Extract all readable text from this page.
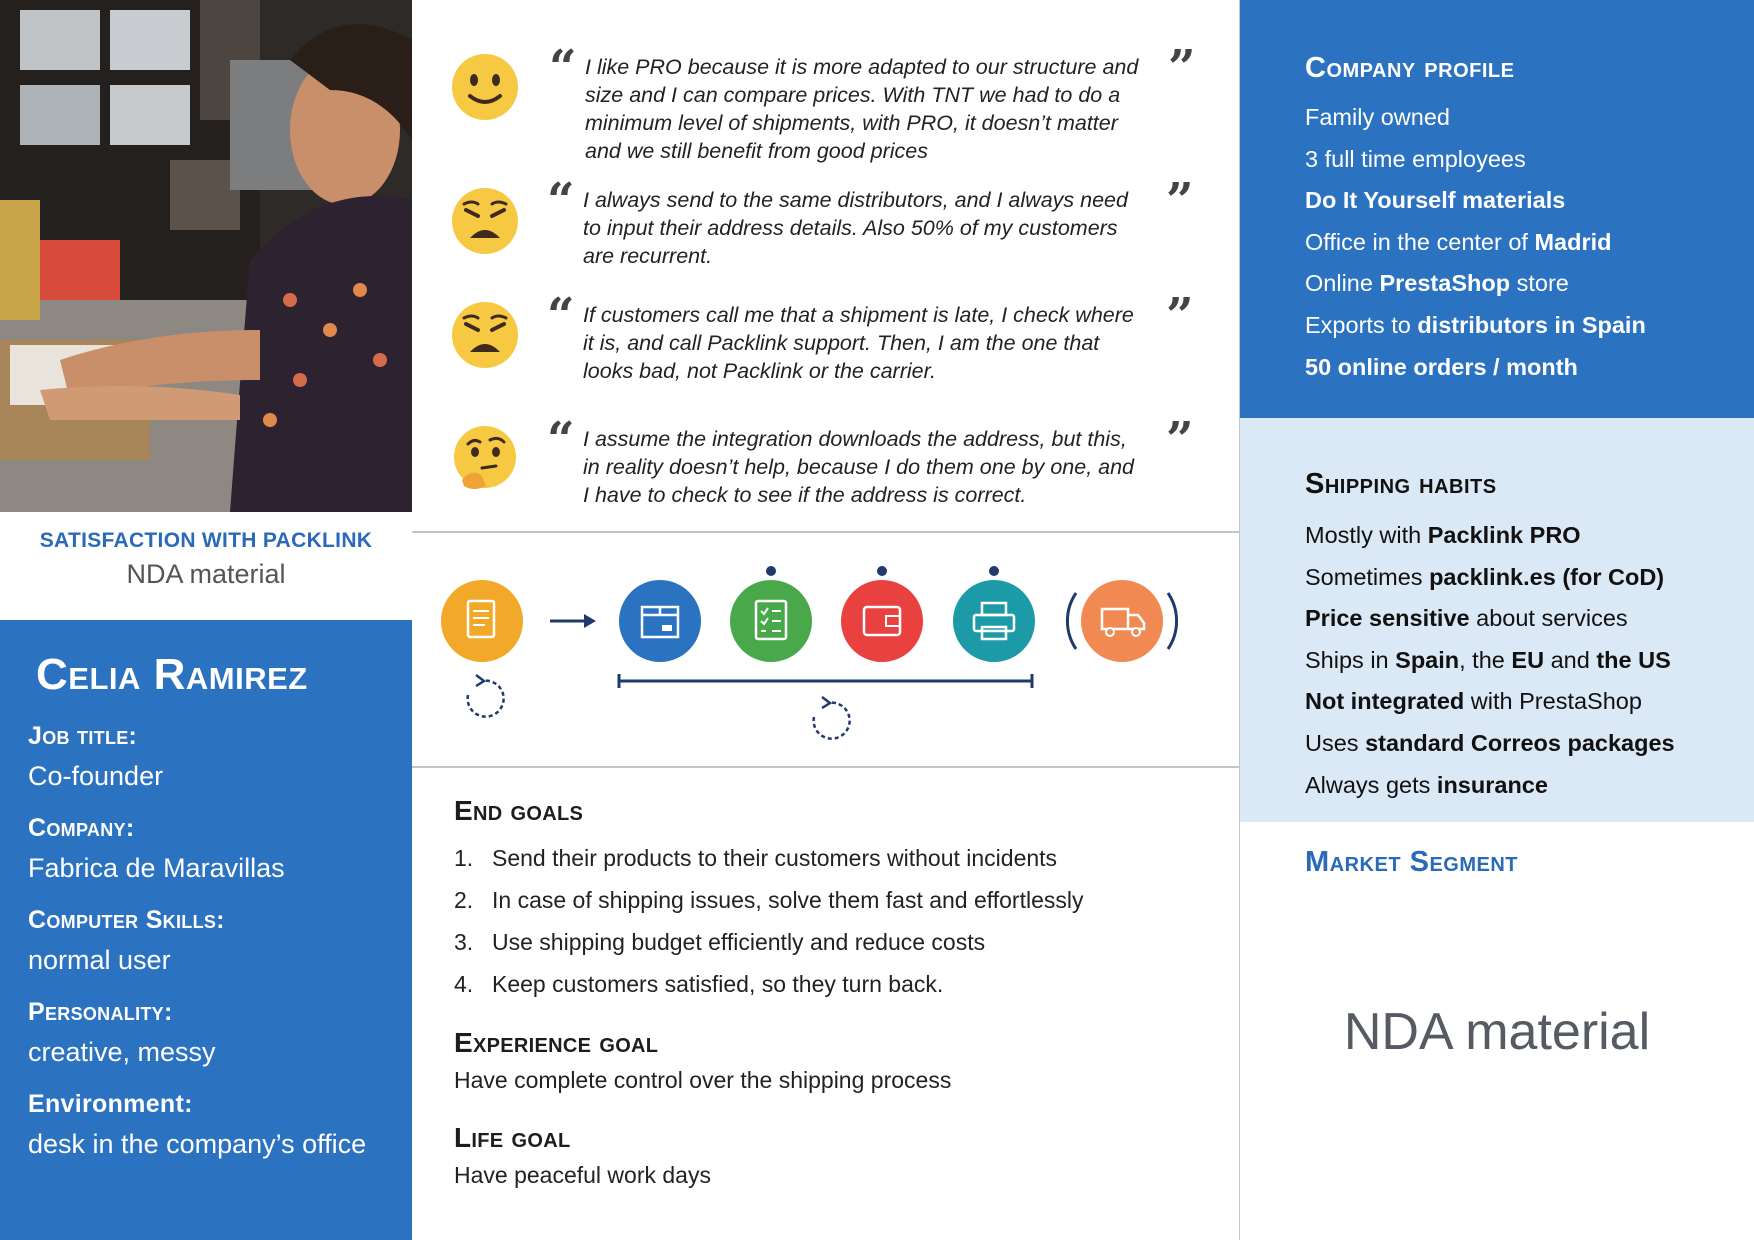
SATISFACTION WITH PACKLINK
NDA material
Celia Ramirez
Job title:
Co-founder
Company:
Fabrica de Maravillas
Computer Skills:
normal user
Personality:
creative, messy
Environment:
desk in the company’s office
“	”
I like PRO because it is more adapted to our structure and
size and I can compare prices. With TNT we had to do a
minimum level of shipments, with PRO, it doesn’t matter
and we still benefit from good prices
“	”
I always send to the same distributors, and I always need
to input their address details. Also 50% of my customers
are recurrent.
“	”
If customers call me that a shipment is late, I check where
it is, and call Packlink support. Then, I am the one that
looks bad, not Packlink or the carrier.
“	”
I assume the integration downloads the address, but this,
in reality doesn’t help, because I do them one by one, and
I have to check to see if the address is correct.
End goals
1. Send their products to their customers without incidents
2. In case of shipping issues, solve them fast and effortlessly
3. Use shipping budget efficiently and reduce costs
4. Keep customers satisfied, so they turn back.
Experience goal
Have complete control over the shipping process
Life goal
Have peaceful work days
Company profile
Family owned
3 full time employees
Do It Yourself materials
Office in the center of Madrid
Online PrestaShop store
Exports to distributors in Spain
50 online orders / month
Shipping habits
Mostly with Packlink PRO
Sometimes packlink.es (for CoD)
Price sensitive about services
Ships in Spain, the EU and the US
Not integrated with PrestaShop
Uses standard Correos packages
Always gets insurance
Market Segment
NDA material
